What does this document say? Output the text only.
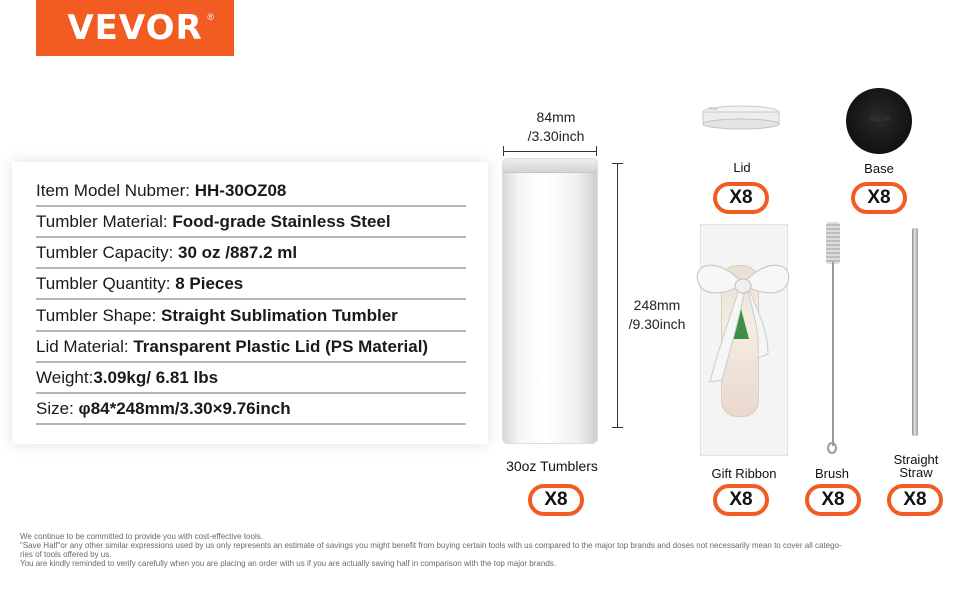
VEVOR ®
Item Model Nubmer: HH-30OZ08
Tumbler Material: Food-grade Stainless Steel
Tumbler Capacity: 30 oz /887.2 ml
Tumbler Quantity: 8 Pieces
Tumbler Shape: Straight Sublimation Tumbler
Lid Material: Transparent Plastic Lid (PS Material)
Weight:3.09kg/ 6.81 lbs
Size: φ84*248mm/3.30×9.76inch
84mm
/3.30inch
248mm
/9.30inch
30oz Tumblers
X8
Lid
X8
ROSA
Base
X8
Gift Ribbon
X8
Brush
X8
Straight
Straw
X8
We continue to be committed to provide you with cost-effective tools.
"Save Half"or any other similar expressions used by us only represents an estimate of savings you might benefit from buying certain tools with us compared to the major top brands and doses not necessarily mean to cover all catego-
ries of tools offered by us.
You are kindly reminded to verify carefully when you are placing an order with us if you are actually saving half in comparison with the top major brands.
